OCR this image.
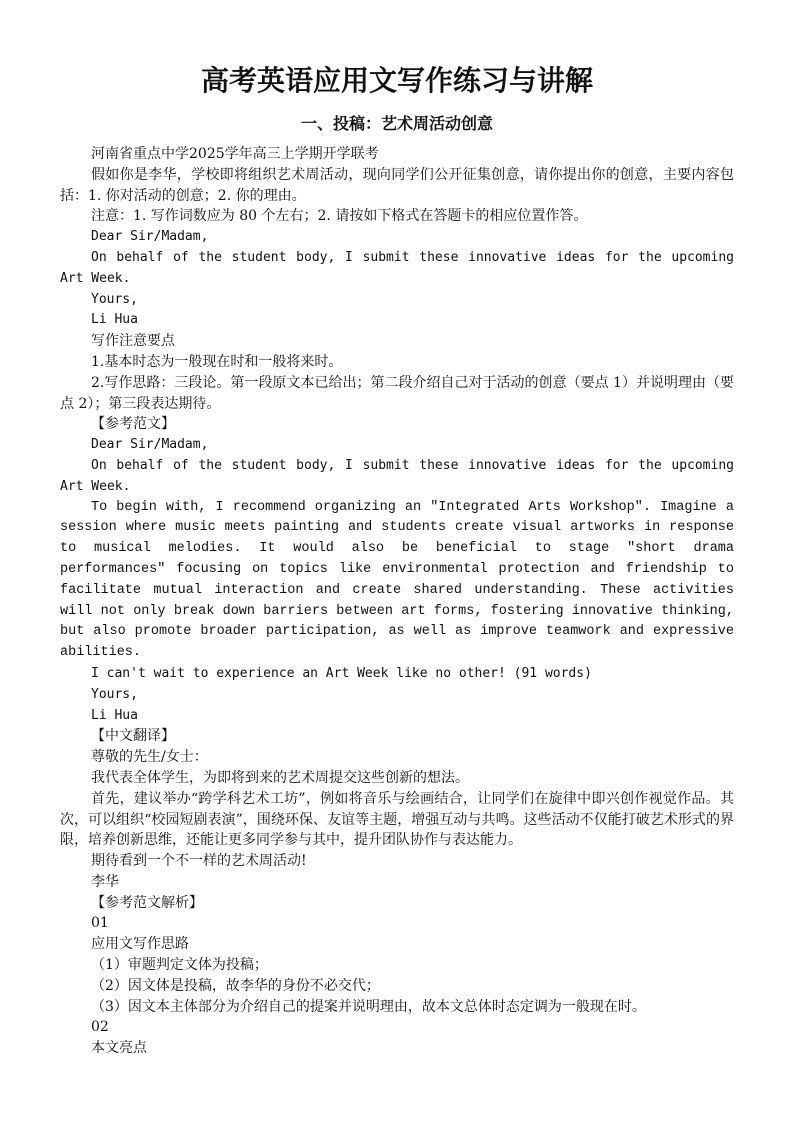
高考英语应用文写作练习与讲解
一、投稿：艺术周活动创意

河南省重点中学2025学年高三上学期开学联考

假如你是李华，学校即将组织艺术周活动，现向同学们公开征集创意，请你提出你的创意，主要内容包括：1. 你对活动的创意；2. 你的理由。

注意：1. 写作词数应为 80 个左右；2. 请按如下格式在答题卡的相应位置作答。

Dear Sir/Madam,

On behalf of the student body, I submit these innovative ideas for the upcoming Art Week.

Yours,

Li Hua

写作注意要点

1.基本时态为一般现在时和一般将来时。

2.写作思路：三段论。第一段原文本已给出；第二段介绍自己对于活动的创意（要点 1）并说明理由（要点 2）；第三段表达期待。

【参考范文】

Dear Sir/Madam,

On behalf of the student body, I submit these innovative ideas for the upcoming Art Week.

To begin with, I recommend organizing an "Integrated Arts Workshop". Imagine a session where music meets painting and students create visual artworks in response to musical melodies. It would also be beneficial to stage "short drama performances" focusing on topics like environmental protection and friendship to facilitate mutual interaction and create shared understanding. These activities will not only break down barriers between art forms, fostering innovative thinking, but also promote broader participation, as well as improve teamwork and expressive abilities.

I can't wait to experience an Art Week like no other! (91 words)

Yours,

Li Hua

【中文翻译】

尊敬的先生/女士：

我代表全体学生，为即将到来的艺术周提交这些创新的想法。

首先，建议举办“跨学科艺术工坊”，例如将音乐与绘画结合，让同学们在旋律中即兴创作视觉作品。其次，可以组织“校园短剧表演”，围绕环保、友谊等主题，增强互动与共鸣。这些活动不仅能打破艺术形式的界限，培养创新思维，还能让更多同学参与其中，提升团队协作与表达能力。

期待看到一个不一样的艺术周活动!

李华

【参考范文解析】

01

应用文写作思路

（1）审题判定文体为投稿；

（2）因文体是投稿，故李华的身份不必交代；

（3）因文本主体部分为介绍自己的提案并说明理由，故本文总体时态定调为一般现在时。

02

本文亮点
